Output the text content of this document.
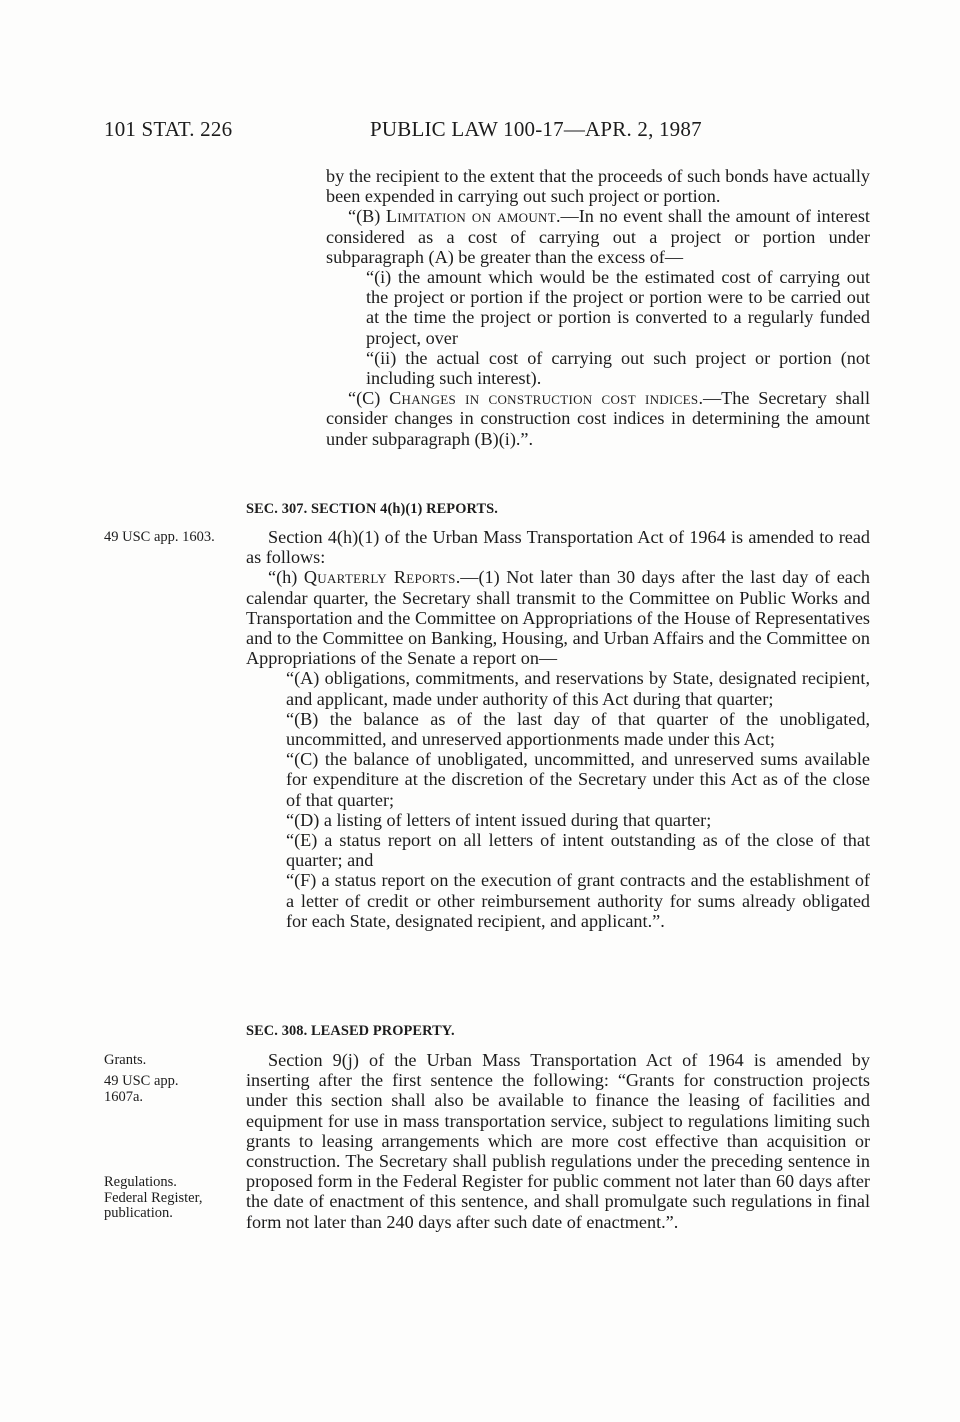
101 STAT. 226	PUBLIC LAW 100-17—APR. 2, 1987

by the recipient to the extent that the proceeds of such bonds have actually been expended in carrying out such project or portion.

“(B) Limitation on amount.—In no event shall the amount of interest considered as a cost of carrying out a project or portion under subparagraph (A) be greater than the excess of—

“(i) the amount which would be the estimated cost of carrying out the project or portion if the project or portion were to be carried out at the time the project or portion is converted to a regularly funded project, over

“(ii) the actual cost of carrying out such project or portion (not including such interest).

“(C) Changes in construction cost indices.—The Secretary shall consider changes in construction cost indices in determining the amount under subparagraph (B)(i).”.

SEC. 307. SECTION 4(h)(1) REPORTS.
49 USC app. 1603.	Section 4(h)(1) of the Urban Mass Transportation Act of 1964 is amended to read as follows:

“(h) Quarterly Reports.—(1) Not later than 30 days after the last day of each calendar quarter, the Secretary shall transmit to the Committee on Public Works and Transportation and the Committee on Appropriations of the House of Representatives and to the Committee on Banking, Housing, and Urban Affairs and the Committee on Appropriations of the Senate a report on—

“(A) obligations, commitments, and reservations by State, designated recipient, and applicant, made under authority of this Act during that quarter;

“(B) the balance as of the last day of that quarter of the unobligated, uncommitted, and unreserved apportionments made under this Act;

“(C) the balance of unobligated, uncommitted, and unreserved sums available for expenditure at the discretion of the Secretary under this Act as of the close of that quarter;

“(D) a listing of letters of intent issued during that quarter;

“(E) a status report on all letters of intent outstanding as of the close of that quarter; and

“(F) a status report on the execution of grant contracts and the establishment of a letter of credit or other reimbursement authority for sums already obligated for each State, designated recipient, and applicant.”.

SEC. 308. LEASED PROPERTY.
Grants.
49 USC app. 1607a.
Regulations. Federal Register, publication.

Section 9(j) of the Urban Mass Transportation Act of 1964 is amended by inserting after the first sentence the following: “Grants for construction projects under this section shall also be available to finance the leasing of facilities and equipment for use in mass transportation service, subject to regulations limiting such grants to leasing arrangements which are more cost effective than acquisition or construction. The Secretary shall publish regulations under the preceding sentence in proposed form in the Federal Register for public comment not later than 60 days after the date of enactment of this sentence, and shall promulgate such regulations in final form not later than 240 days after such date of enactment.”.
